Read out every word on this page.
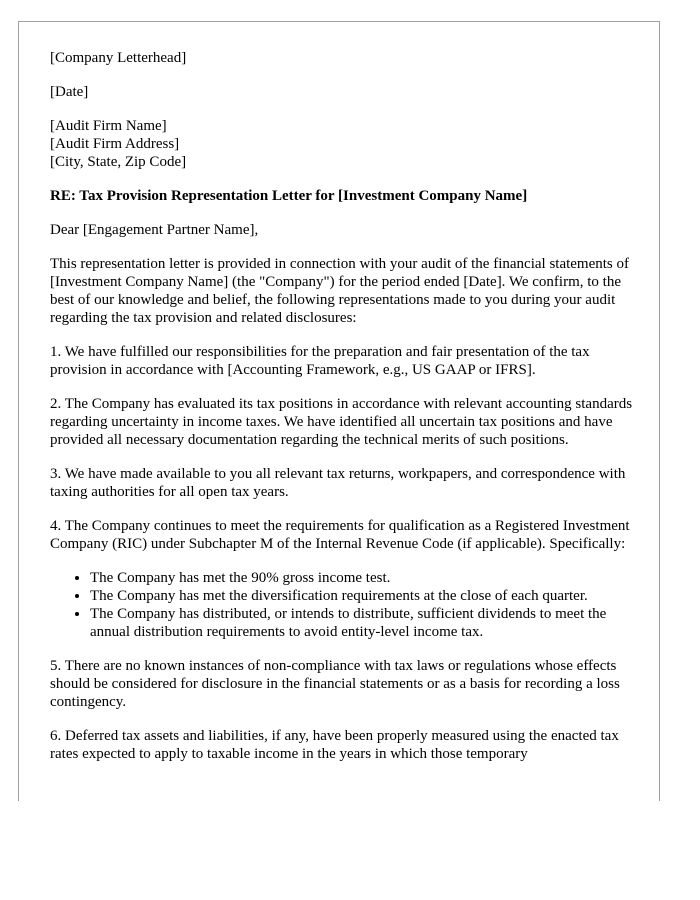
[Company Letterhead]

[Date]

[Audit Firm Name]
[Audit Firm Address]
[City, State, Zip Code]

RE: Tax Provision Representation Letter for [Investment Company Name]

Dear [Engagement Partner Name],

This representation letter is provided in connection with your audit of the financial statements of [Investment Company Name] (the "Company") for the period ended [Date]. We confirm, to the best of our knowledge and belief, the following representations made to you during your audit regarding the tax provision and related disclosures:

1. We have fulfilled our responsibilities for the preparation and fair presentation of the tax provision in accordance with [Accounting Framework, e.g., US GAAP or IFRS].

2. The Company has evaluated its tax positions in accordance with relevant accounting standards regarding uncertainty in income taxes. We have identified all uncertain tax positions and have provided all necessary documentation regarding the technical merits of such positions.

3. We have made available to you all relevant tax returns, workpapers, and correspondence with taxing authorities for all open tax years.

4. The Company continues to meet the requirements for qualification as a Registered Investment Company (RIC) under Subchapter M of the Internal Revenue Code (if applicable). Specifically:

• The Company has met the 90% gross income test.
• The Company has met the diversification requirements at the close of each quarter.
• The Company has distributed, or intends to distribute, sufficient dividends to meet the annual distribution requirements to avoid entity-level income tax.

5. There are no known instances of non-compliance with tax laws or regulations whose effects should be considered for disclosure in the financial statements or as a basis for recording a loss contingency.

6. Deferred tax assets and liabilities, if any, have been properly measured using the enacted tax rates expected to apply to taxable income in the years in which those temporary
